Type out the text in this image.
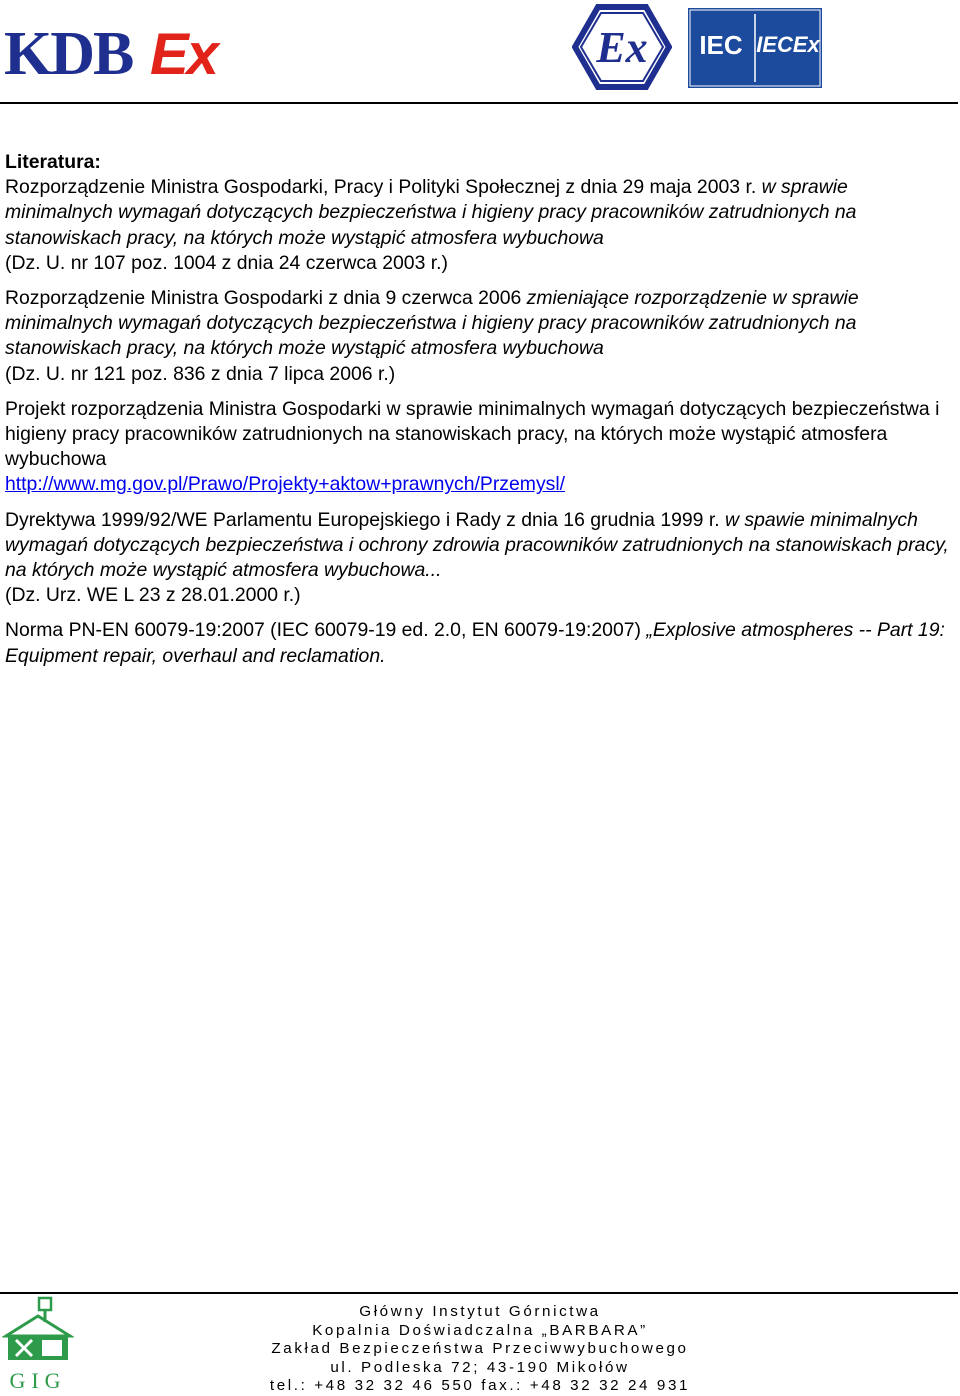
KDB Ex	Ex IEC IECEx

Literatura:

Rozporządzenie Ministra Gospodarki, Pracy i Polityki Społecznej z dnia 29 maja 2003 r. w sprawie minimalnych wymagań dotyczących bezpieczeństwa i higieny pracy pracowników zatrudnionych na stanowiskach pracy, na których może wystąpić atmosfera wybuchowa
(Dz. U. nr 107 poz. 1004 z dnia 24 czerwca 2003 r.)

Rozporządzenie Ministra Gospodarki z dnia 9 czerwca 2006 zmieniające rozporządzenie w sprawie minimalnych wymagań dotyczących bezpieczeństwa i higieny pracy pracowników zatrudnionych na stanowiskach pracy, na których może wystąpić atmosfera wybuchowa
(Dz. U. nr 121 poz. 836 z dnia 7 lipca 2006 r.)

Projekt rozporządzenia Ministra Gospodarki w sprawie minimalnych wymagań dotyczących bezpieczeństwa i higieny pracy pracowników zatrudnionych na stanowiskach pracy, na których może wystąpić atmosfera wybuchowa
http://www.mg.gov.pl/Prawo/Projekty+aktow+prawnych/Przemysl/

Dyrektywa 1999/92/WE Parlamentu Europejskiego i Rady z dnia 16 grudnia 1999 r. w spawie minimalnych wymagań dotyczących bezpieczeństwa i ochrony zdrowia pracowników zatrudnionych na stanowiskach pracy, na których może wystąpić atmosfera wybuchowa...
(Dz. Urz. WE L 23 z 28.01.2000 r.)

Norma PN-EN 60079-19:2007 (IEC 60079-19 ed. 2.0, EN 60079-19:2007) „Explosive atmospheres -- Part 19: Equipment repair, overhaul and reclamation.

GIG
Główny Instytut Górnictwa
Kopalnia Doświadczalna „BARBARA”
Zakład Bezpieczeństwa Przeciwwybuchowego
ul. Podleska 72; 43-190 Mikołów
tel.: +48 32 32 46 550 fax.: +48 32 32 24 931
